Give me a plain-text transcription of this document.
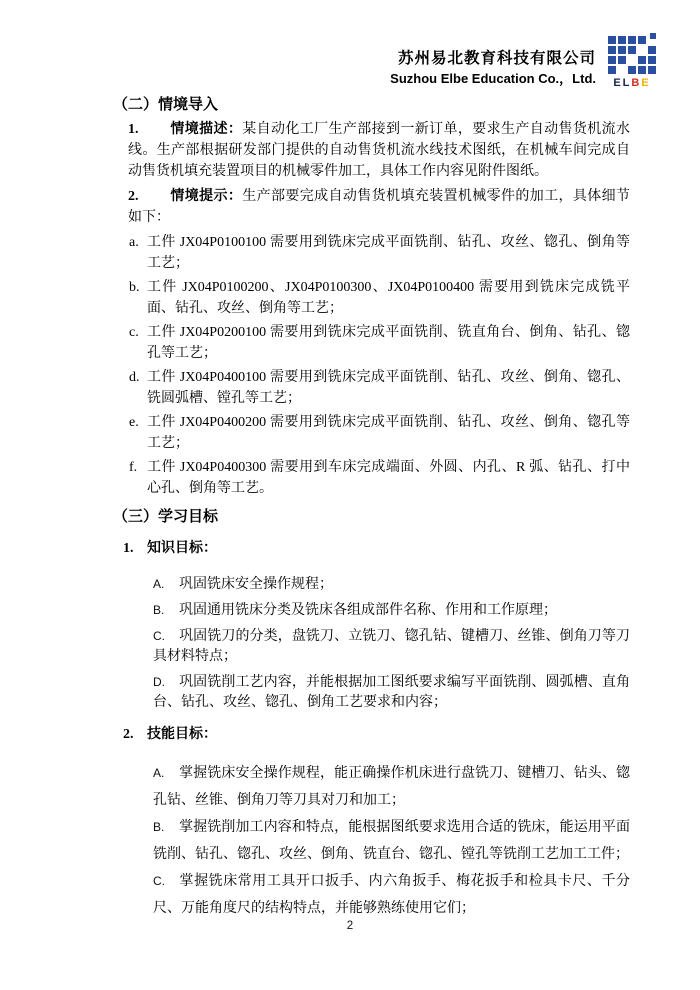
苏州易北教育科技有限公司
Suzhou Elbe Education Co.，Ltd. ELBE
（二）情境导入

1. 情境描述：某自动化工厂生产部接到一新订单，要求生产自动售货机流水线。生产部根据研发部门提供的自动售货机流水线技术图纸，在机械车间完成自动售货机填充装置项目的机械零件加工，具体工作内容见附件图纸。

2. 情境提示：生产部要完成自动售货机填充装置机械零件的加工，具体细节如下：

a. 工件 JX04P0100100 需要用到铣床完成平面铣削、钻孔、攻丝、锪孔、倒角等工艺；
b. 工件 JX04P0100200、JX04P0100300、JX04P0100400 需要用到铣床完成铣平面、钻孔、攻丝、倒角等工艺；
c. 工件 JX04P0200100 需要用到铣床完成平面铣削、铣直角台、倒角、钻孔、锪孔等工艺；
d. 工件 JX04P0400100 需要用到铣床完成平面铣削、钻孔、攻丝、倒角、锪孔、铣圆弧槽、镗孔等工艺；
e. 工件 JX04P0400200 需要用到铣床完成平面铣削、钻孔、攻丝、倒角、锪孔等工艺；
f. 工件 JX04P0400300 需要用到车床完成端面、外圆、内孔、R 弧、钻孔、打中心孔、倒角等工艺。
（三）学习目标
1. 知识目标：
A. 巩固铣床安全操作规程；
B. 巩固通用铣床分类及铣床各组成部件名称、作用和工作原理；
C. 巩固铣刀的分类，盘铣刀、立铣刀、锪孔钻、键槽刀、丝锥、倒角刀等刀具材料特点；
D. 巩固铣削工艺内容，并能根据加工图纸要求编写平面铣削、圆弧槽、直角台、钻孔、攻丝、锪孔、倒角工艺要求和内容；
2. 技能目标：
A. 掌握铣床安全操作规程，能正确操作机床进行盘铣刀、键槽刀、钻头、锪孔钻、丝锥、倒角刀等刀具对刀和加工；
B. 掌握铣削加工内容和特点，能根据图纸要求选用合适的铣床，能运用平面铣削、钻孔、锪孔、攻丝、倒角、铣直台、锪孔、镗孔等铣削工艺加工工件；
C. 掌握铣床常用工具开口扳手、内六角扳手、梅花扳手和检具卡尺、千分尺、万能角度尺的结构特点，并能够熟练使用它们；
2
